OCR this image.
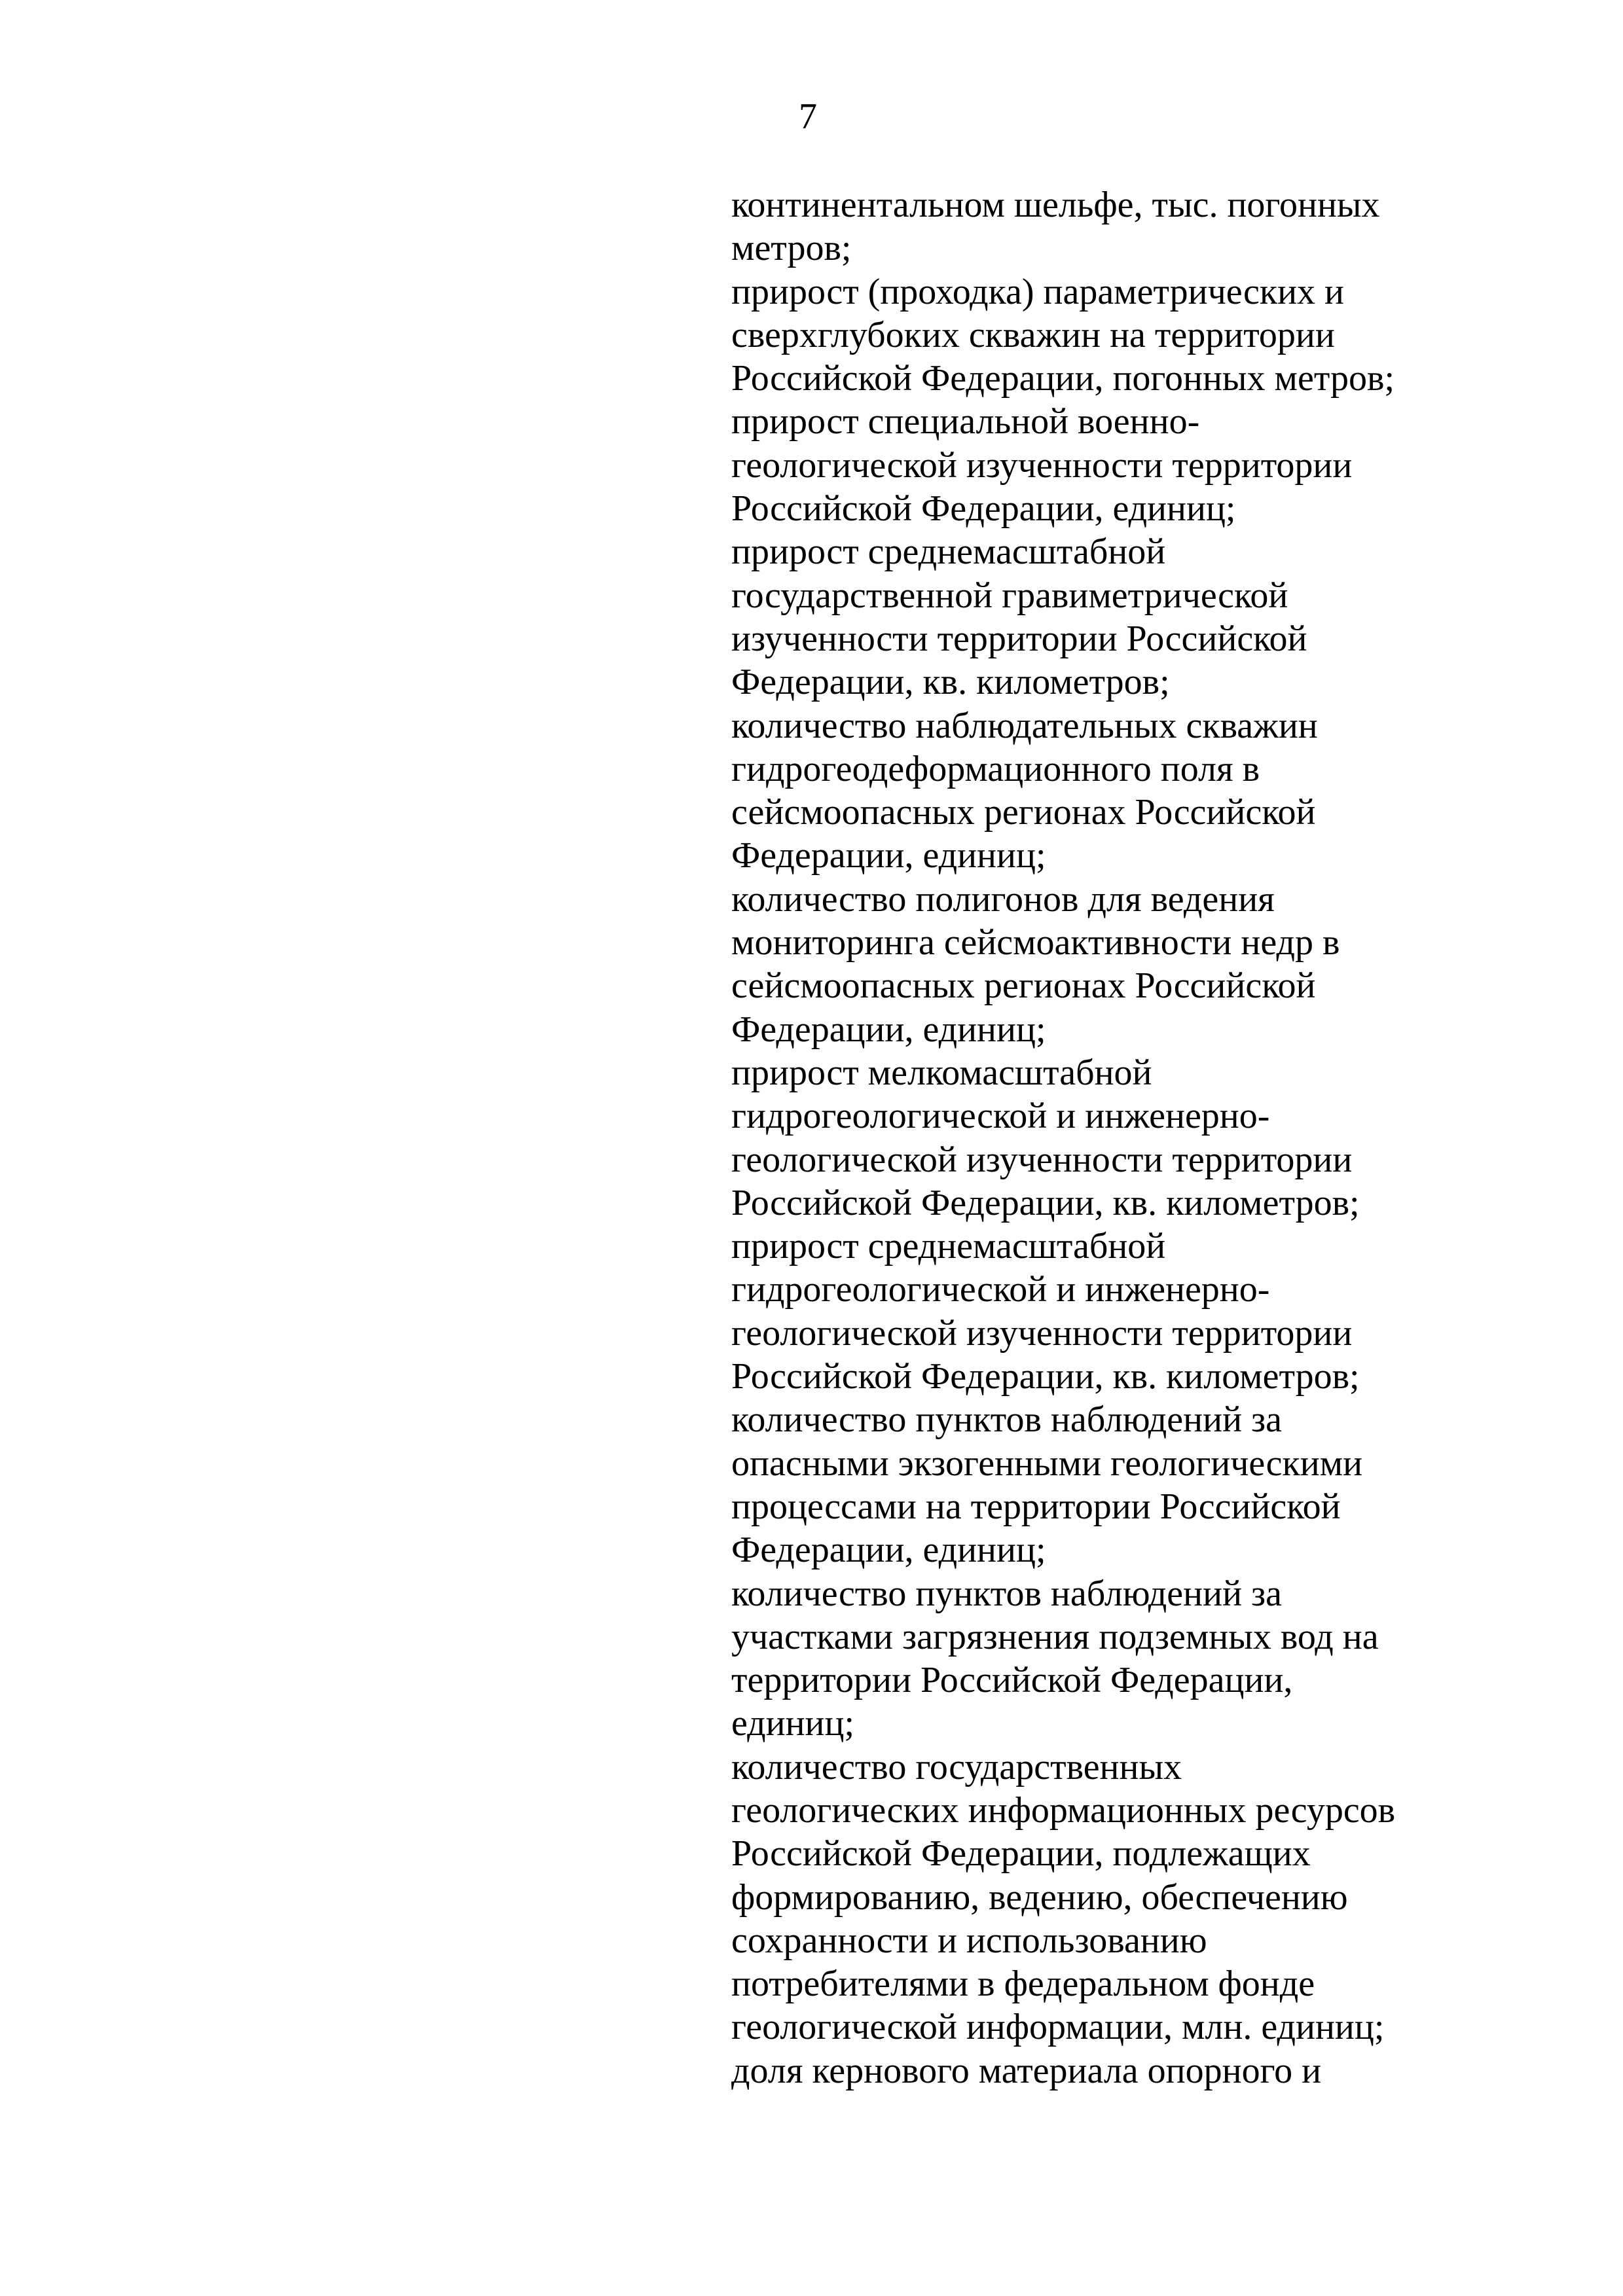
7

континентальном шельфе, тыс. погонных
метров;
прирост (проходка) параметрических и
сверхглубоких скважин на территории
Российской Федерации, погонных метров;
прирост специальной военно-
геологической изученности территории
Российской Федерации, единиц;
прирост среднемасштабной
государственной гравиметрической
изученности территории Российской
Федерации, кв. километров;
количество наблюдательных скважин
гидрогеодеформационного поля в
сейсмоопасных регионах Российской
Федерации, единиц;
количество полигонов для ведения
мониторинга сейсмоактивности недр в
сейсмоопасных регионах Российской
Федерации, единиц;
прирост мелкомасштабной
гидрогеологической и инженерно-
геологической изученности территории
Российской Федерации, кв. километров;
прирост среднемасштабной
гидрогеологической и инженерно-
геологической изученности территории
Российской Федерации, кв. километров;
количество пунктов наблюдений за
опасными экзогенными геологическими
процессами на территории Российской
Федерации, единиц;
количество пунктов наблюдений за
участками загрязнения подземных вод на
территории Российской Федерации,
единиц;
количество государственных
геологических информационных ресурсов
Российской Федерации, подлежащих
формированию, ведению, обеспечению
сохранности и использованию
потребителями в федеральном фонде
геологической информации, млн. единиц;
доля кернового материала опорного и
